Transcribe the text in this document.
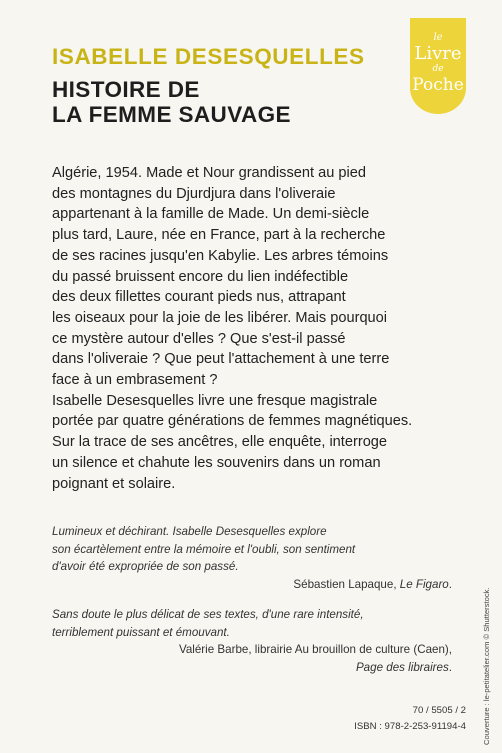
ISABELLE DESESQUELLES
HISTOIRE DE
LA FEMME SAUVAGE
le
Livre
de
Poche
Algérie, 1954. Made et Nour grandissent au pied
des montagnes du Djurdjura dans l'oliveraie
appartenant à la famille de Made. Un demi-siècle
plus tard, Laure, née en France, part à la recherche
de ses racines jusqu'en Kabylie. Les arbres témoins
du passé bruissent encore du lien indéfectible
des deux fillettes courant pieds nus, attrapant
les oiseaux pour la joie de les libérer. Mais pourquoi
ce mystère autour d'elles ? Que s'est-il passé
dans l'oliveraie ? Que peut l'attachement à une terre
face à un embrasement ?
Isabelle Desesquelles livre une fresque magistrale
portée par quatre générations de femmes magnétiques.
Sur la trace de ses ancêtres, elle enquête, interroge
un silence et chahute les souvenirs dans un roman
poignant et solaire.
Lumineux et déchirant. Isabelle Desesquelles explore
son écartèlement entre la mémoire et l'oubli, son sentiment
d'avoir été expropriée de son passé.
Sébastien Lapaque, Le Figaro.
Sans doute le plus délicat de ses textes, d'une rare intensité,
terriblement puissant et émouvant.
Valérie Barbe, librairie Au brouillon de culture (Caen),
Page des libraires.	Couverture : le-petitatelier.com © Shutterstock.
70 / 5505 / 2
ISBN : 978-2-253-91194-4
